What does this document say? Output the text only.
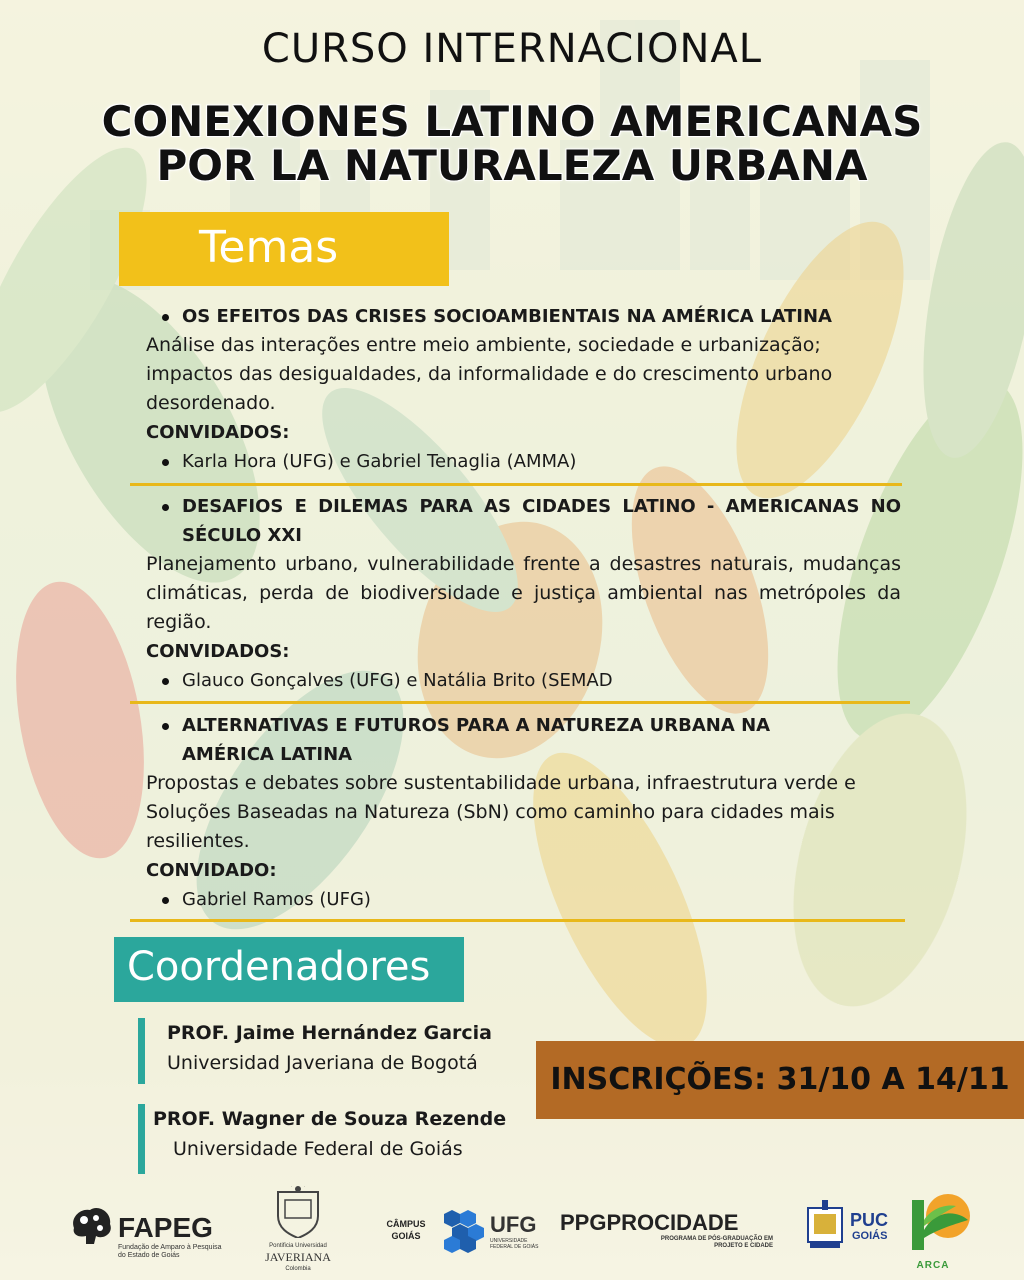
CURSO INTERNACIONAL
CONEXIONES LATINO AMERICANAS
POR LA NATURALEZA URBANA
Temas
OS EFEITOS DAS CRISES SOCIOAMBIENTAIS NA AMÉRICA LATINA
Análise das interações entre meio ambiente, sociedade e urbanização; impactos das desigualdades, da informalidade e do crescimento urbano desordenado.
CONVIDADOS:
Karla Hora (UFG) e Gabriel Tenaglia (AMMA)
DESAFIOS E DILEMAS PARA AS CIDADES LATINO - AMERICANAS NO SÉCULO XXI
Planejamento urbano, vulnerabilidade frente a desastres naturais, mudanças climáticas, perda de biodiversidade e justiça ambiental nas metrópoles da região.
CONVIDADOS:
Glauco Gonçalves (UFG) e Natália Brito (SEMAD
ALTERNATIVAS E FUTUROS PARA A NATUREZA URBANA NA AMÉRICA LATINA
Propostas e debates sobre sustentabilidade urbana, infraestrutura verde e Soluções Baseadas na Natureza (SbN) como caminho para cidades mais resilientes.
CONVIDADO:
Gabriel Ramos (UFG)
Coordenadores
PROF. Jaime Hernández Garcia
Universidad Javeriana de Bogotá
PROF. Wagner de Souza Rezende
Universidade Federal de Goiás
INSCRIÇÕES: 31/10 A 14/11
FAPEG
Fundação de Amparo à Pesquisa do Estado de Goiás
Pontificia Universidad
JAVERIANA
Colombia
CÂMPUS GOIÁS	UFG
UNIVERSIDADE FEDERAL DE GOIÁS
PPGPROCIDADE
PROGRAMA DE PÓS-GRADUAÇÃO EM PROJETO E CIDADE
PUC
GOIÁS
ARCA
